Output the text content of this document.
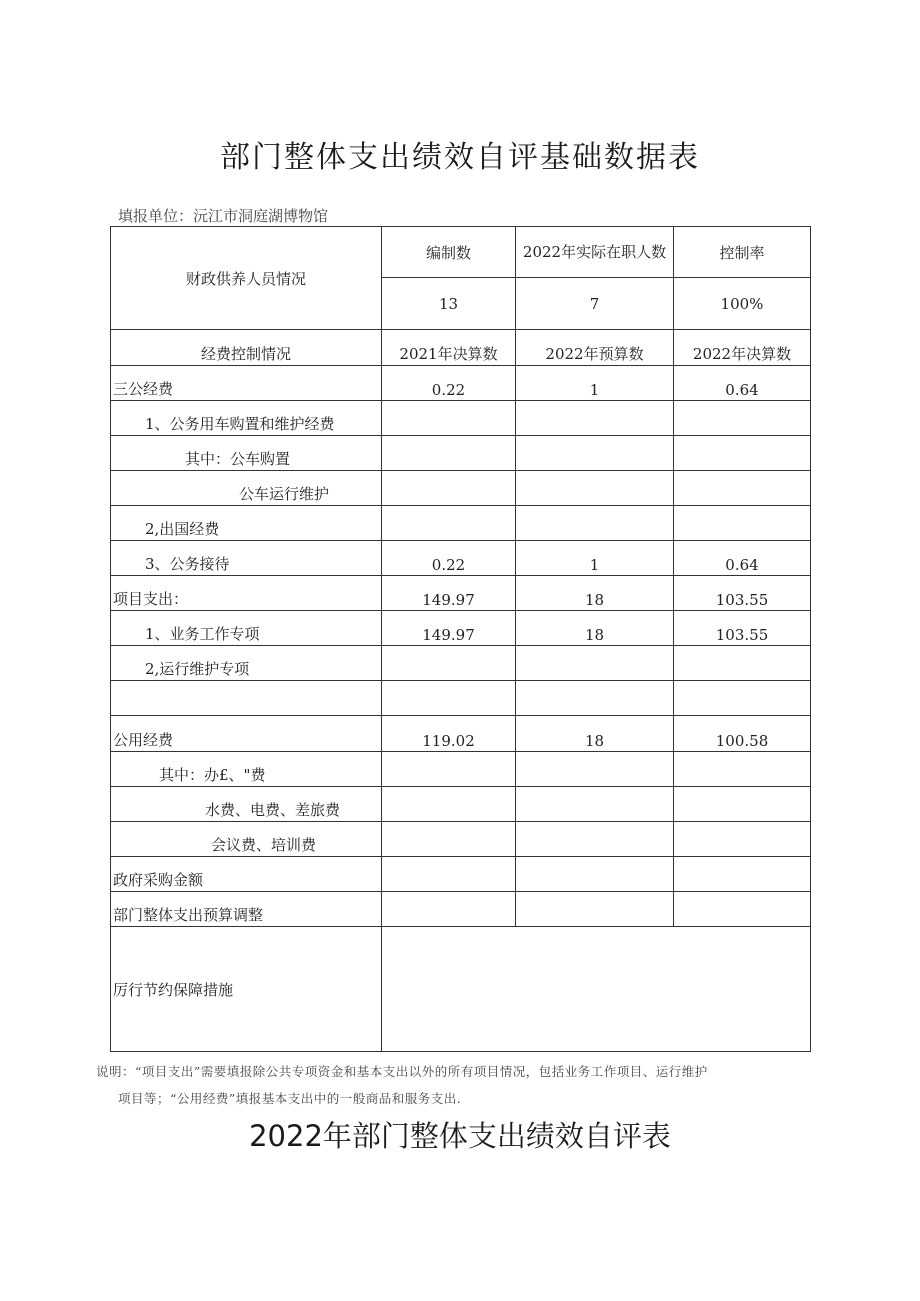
部门整体支出绩效自评基础数据表
填报单位：沅江市洞庭湖博物馆
财政供养人员情况	编制数	2022年实际在职人数	控制率
	13	7	100%
经费控制情况	2021年决算数	2022年预算数	2022年决算数
三公经费	0.22	1	0.64
1、公务用车购置和维护经费			
其中：公车购置			
公车运行维护			
2,出国经费			
3、公务接待	0.22	1	0.64
项目支出：	149.97	18	103.55
1、业务工作专项	149.97	18	103.55
2,运行维护专项			

公用经费	119.02	18	100.58
其中：办£、"费			
水费、电费、差旅费			
会议费、培训费			
政府采购金额			
部门整体支出预算调整			
厉行节约保障措施			
说明：“项目支出”需要填报除公共专项资金和基本支出以外的所有项目情况，包括业务工作项目、运行维护
项目等；“公用经费”填报基本支出中的一般商品和服务支出.
2022年部门整体支出绩效自评表
